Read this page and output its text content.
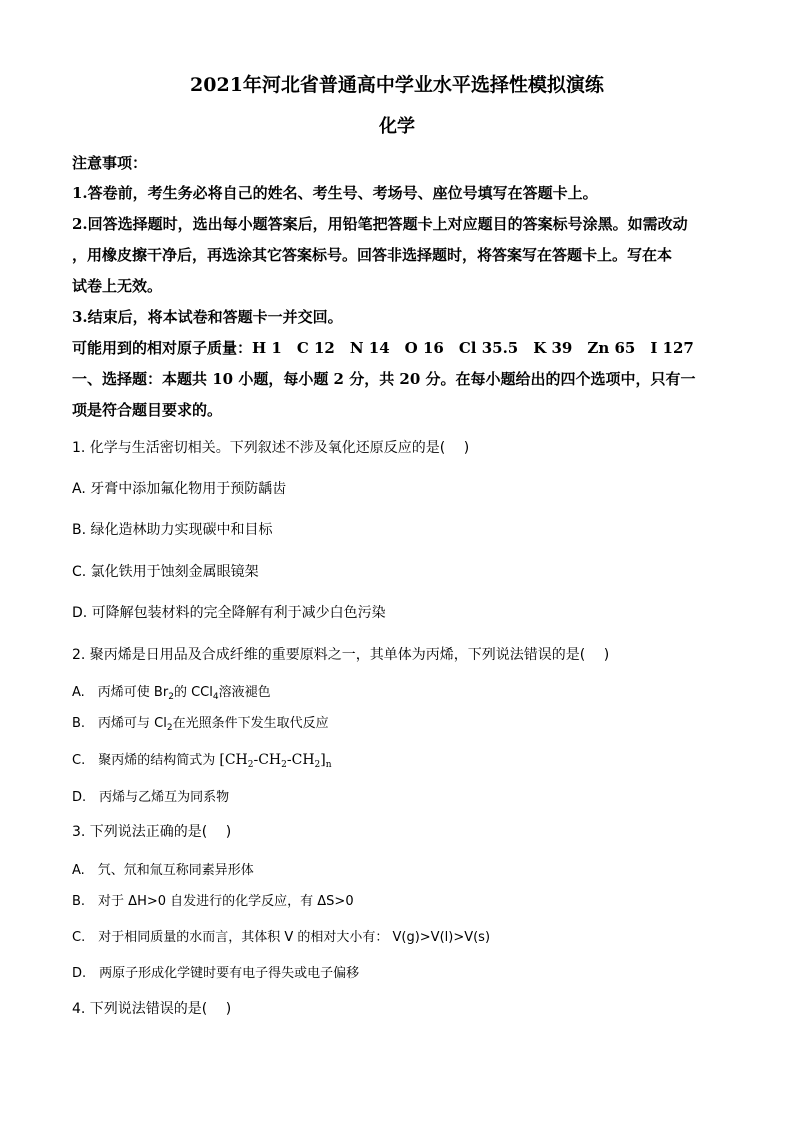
2021年河北省普通高中学业水平选择性模拟演练
化学
注意事项：
1.答卷前，考生务必将自己的姓名、考生号、考场号、座位号填写在答题卡上。
2.回答选择题时，选出每小题答案后，用铅笔把答题卡上对应题目的答案标号涂黑。如需改动
，用橡皮擦干净后，再选涂其它答案标号。回答非选择题时，将答案写在答题卡上。写在本
试卷上无效。
3.结束后，将本试卷和答题卡一并交回。
可能用到的相对原子质量：H 1　C 12　N 14　O 16　Cl 35.5　K 39　Zn 65　I 127
一、选择题：本题共 10 小题，每小题 2 分，共 20 分。在每小题给出的四个选项中，只有一
项是符合题目要求的。
1. 化学与生活密切相关。下列叙述不涉及氧化还原反应的是(　 )
A. 牙膏中添加氟化物用于预防龋齿
B. 绿化造林助力实现碳中和目标
C. 氯化铁用于蚀刻金属眼镜架
D. 可降解包装材料的完全降解有利于减少白色污染
2. 聚丙烯是日用品及合成纤维的重要原料之一，其单体为丙烯，下列说法错误的是(　 )
A.　丙烯可使 $Br_2$的 CCl$_4$溶液褪色
B.　丙烯可与 $Cl_2$在光照条件下发生取代反应
C.　聚丙烯的结构简式为 $[CH_2-CH_2-CH_2]_n$
D.　丙烯与乙烯互为同系物
3. 下列说法正确的是(　 )
A.　氕、氘和氚互称同素异形体
B.　对于 ΔH>0 自发进行的化学反应，有 ΔS>0
C.　对于相同质量的水而言，其体积 V 的相对大小有： V(g)>V(l)>V(s)
D.　两原子形成化学键时要有电子得失或电子偏移
4. 下列说法错误的是(　 )
